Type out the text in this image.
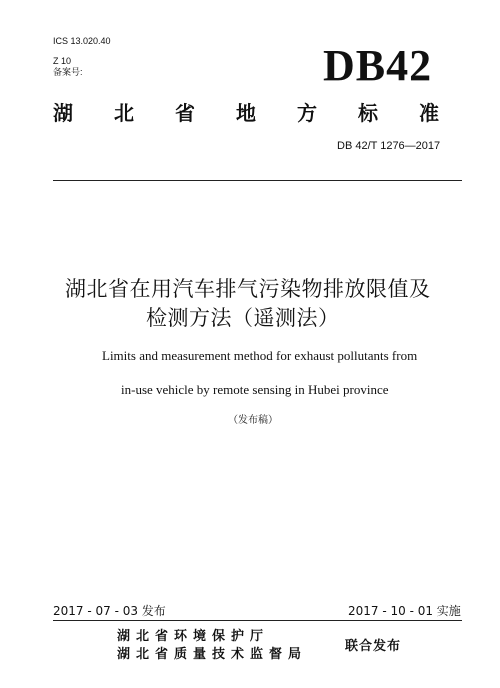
ICS 13.020.40
Z 10
备案号:	DB42
湖北省地方标准
DB 42/T 1276—2017
湖北省在用汽车排气污染物排放限值及
检测方法（遥测法）
Limits and measurement method for exhaust pollutants from
in-use vehicle by remote sensing in Hubei province
（发布稿）
2017 - 07 - 03 发布	2017 - 10 - 01 实施
湖北省环境保护厅
湖北省质量技术监督局
联合发布
